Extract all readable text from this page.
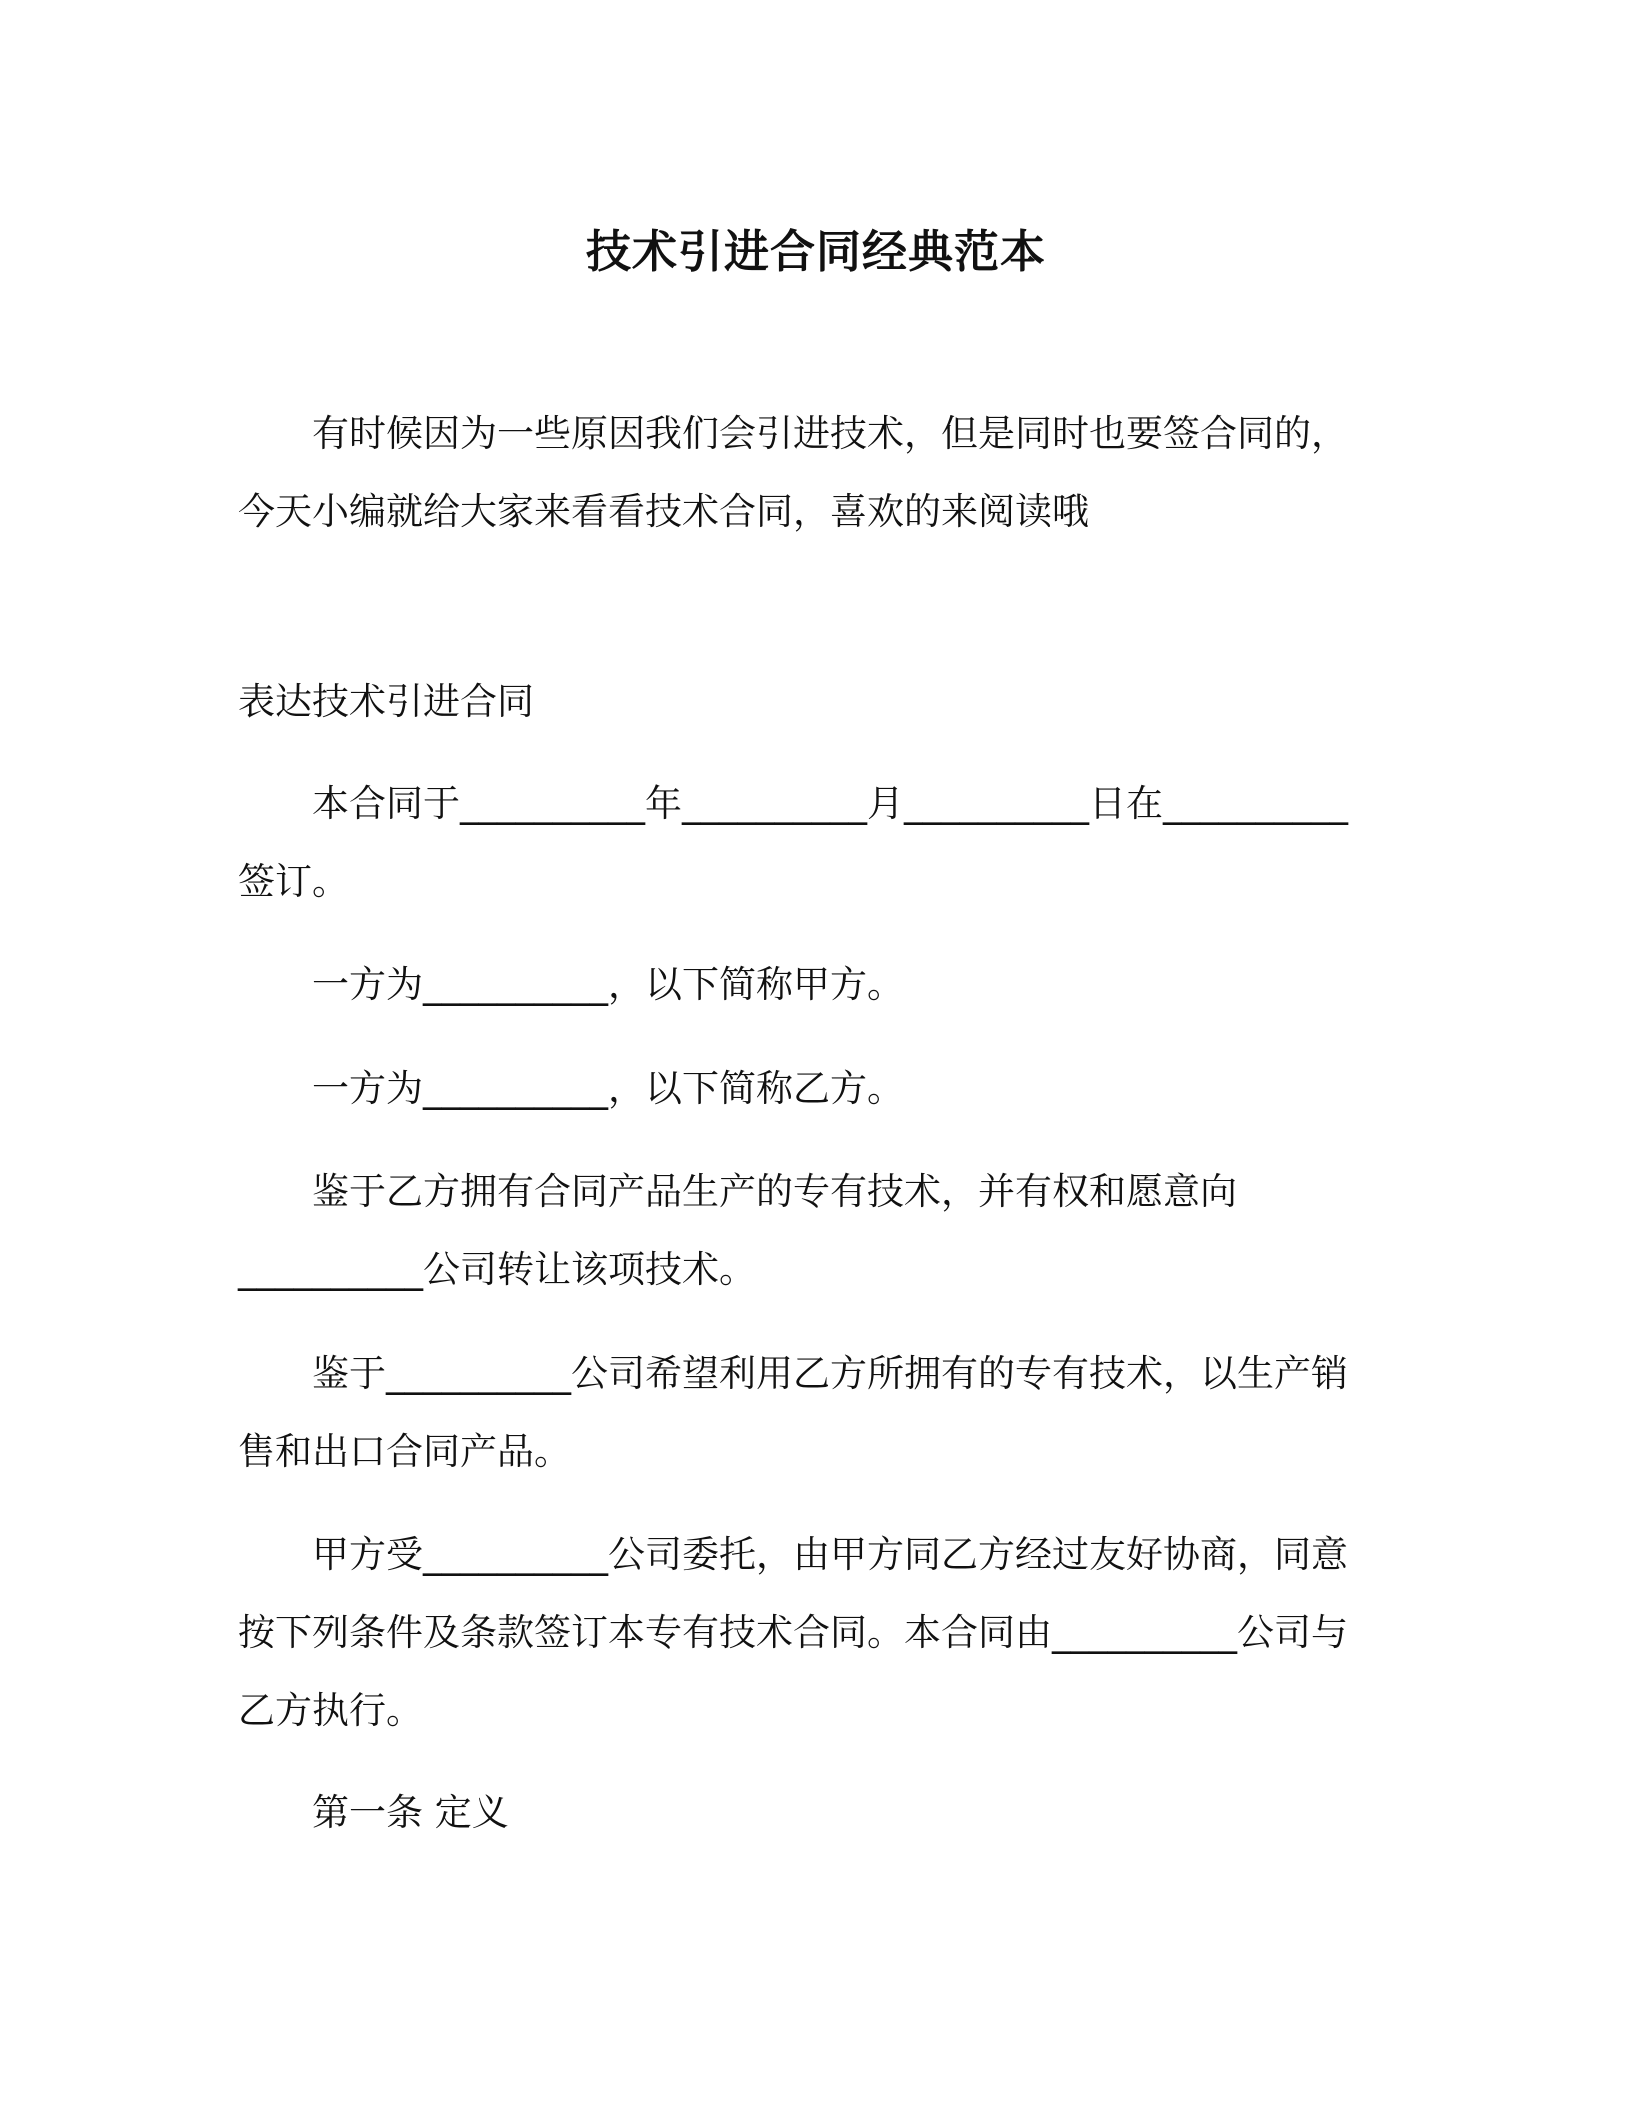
技术引进合同经典范本
有时候因为一些原因我们会引进技术，但是同时也要签合同的，
今天小编就给大家来看看技术合同，喜欢的来阅读哦
表达技术引进合同
本合同于__________年__________月__________日在__________
签订。
一方为__________，以下简称甲方。
一方为__________，以下简称乙方。
鉴于乙方拥有合同产品生产的专有技术，并有权和愿意向
__________公司转让该项技术。
鉴于__________公司希望利用乙方所拥有的专有技术，以生产销
售和出口合同产品。
甲方受__________公司委托，由甲方同乙方经过友好协商，同意
按下列条件及条款签订本专有技术合同。本合同由__________公司与
乙方执行。
第一条 定义
